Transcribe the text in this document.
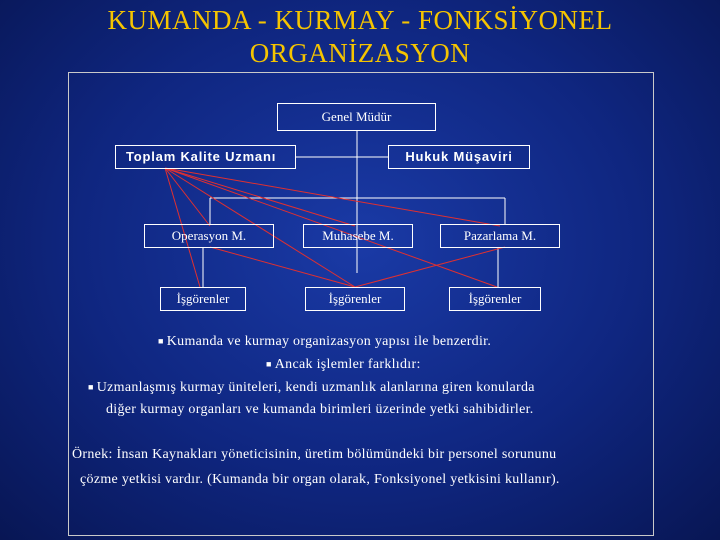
KUMANDA - KURMAY - FONKSİYONEL
ORGANİZASYON
Genel Müdür
Toplam Kalite Uzmanı	Hukuk Müşaviri
Operasyon M.	Muhasebe M.	Pazarlama M.
İşgörenler	İşgörenler	İşgörenler
■ Kumanda ve kurmay organizasyon yapısı ile benzerdir.
■ Ancak işlemler farklıdır:
■ Uzmanlaşmış kurmay üniteleri, kendi uzmanlık alanlarına giren konularda
diğer kurmay organları ve kumanda birimleri üzerinde yetki sahibidirler.
Örnek: İnsan Kaynakları yöneticisinin, üretim bölümündeki bir personel sorununu
çözme yetkisi vardır. (Kumanda bir organ olarak, Fonksiyonel yetkisini kullanır).
